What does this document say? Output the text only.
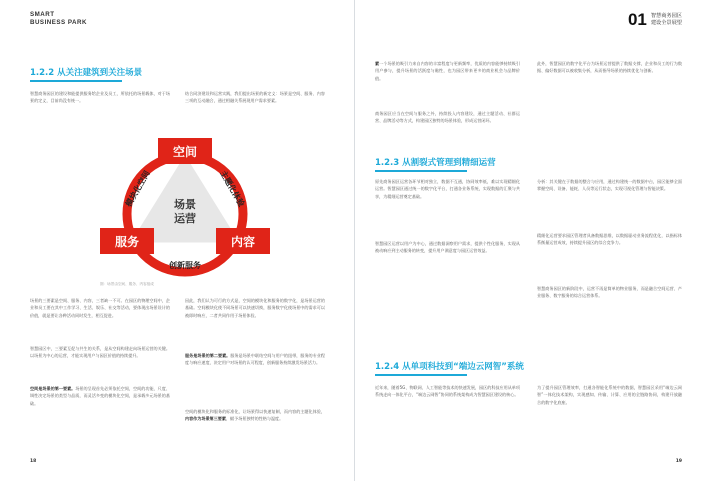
SMART
BUSINESS PARK
1.2.2 从关注建筑到关注场景

智慧商务园区的建设和能提供服务给企业及员工，所依托的场景载体，对于场景的定义，目前尚没有统一。

结合同济建设和运营实践，我们提出场景的新定义：场景是空间、服务、内容三项的互动融合，通过相融关系展现用户需求要素。

空间
服务	内容
场景
运营
模块化空间	主题化体验
创新服务
图：场景由空间、服务、内容组成

场景的三要素是空间、服务、内容，三者缺一不可。在园区的物理空间中，企业和员工要在其中工作学习、生活、娱乐、社交等活动，要体现出场景设计的价值，就是要让各种活动同时发生，相互促进。

智慧园区中，三要素互促与共生的关系，是从空间构建走向场景运营的关键。以场景为中心的运营，才能实现用户与园区价值的持续提升。

空间是场景的第一要素。场景的呈现首先必须依托空间，空间的功能、尺度、调性决定场景的类型与品质，而灵活多变的模块化空间，是承载多元场景的基础。

因此，我们认为可行的方式是，空间的模块化和服务的数字化，是场景运营的基础。空间模块化使不同场景可以快速切换，服务数字化使场景中的需求可以被即时响应，二者共同作用于场景体验。

服务是场景的第二要素。服务是场景中联结空间与用户的纽带，服务的专业程度与响应速度，决定用户对场景的认可程度，创新服务持续激发场景活力。

空间的模块化和服务的标准化，让场景得以快速复制，而内容的主题化体验，内容作为场景第三要素，赋予场景独特的性格与温度。

18
01 智慧商务园区
建设全景展望

素一个场景的吸引力来自内容的丰富程度与更新频率，优质的内容能够持续吸引用户参与，提升场景的活跃度与黏性，也为园区带来更多的商业机会与品牌价值。

商务园区应当在空间与服务之外，持续投入内容建设，通过主题活动、社群运营、品牌活动等方式，构建园区独特的场景体验，形成运营闭环。

此外，智慧园区的数字化平台为场景运营提供了数据支撑，企业和员工的行为数据、偏好数据可以被收集分析，从而指导场景的持续优化与创新。

1.2.3 从割裂式管理到精细运营

原先商务园区运营各环节相对独立，数据不互通，协同效率低，难以实现精细化运营。智慧园区通过统一的数字化平台，打通各业务系统，实现数据的汇聚与共享，为精细运营奠定基础。

智慧园区运营以用户为中心，通过数据洞察用户需求，提供个性化服务，实现从被动响应到主动服务的转变，提升用户满意度与园区运营效益。

分析：其关键在于数据的整合与应用，通过构建统一的数据中台，园区能够全面掌握空间、设备、能耗、人员等运行状态，实现可视化管理与智能决策。

精细化运营要求园区管理者具备数据思维，以数据驱动业务流程优化，以指标体系衡量运营成效，持续提升园区的综合竞争力。

智慧商务园区的新阶段中，运营不再是简单的物业服务，而是融合空间运营、产业服务、数字服务的综合运营体系。

1.2.4 从单项科技到“端边云网智”系统

近年来，随着5G、物联网、人工智能等技术的快速发展，园区的科技应用从单项系统走向一体化平台，“端边云网智”协同的系统架构成为智慧园区建设的核心。

为了提升园区管理效率，打通各智能化系统中的数据，智慧园区采用“端边云网智”一体化技术架构，实现感知、传输、计算、应用的全链路协同，构建开放融合的数字化底座。

19
